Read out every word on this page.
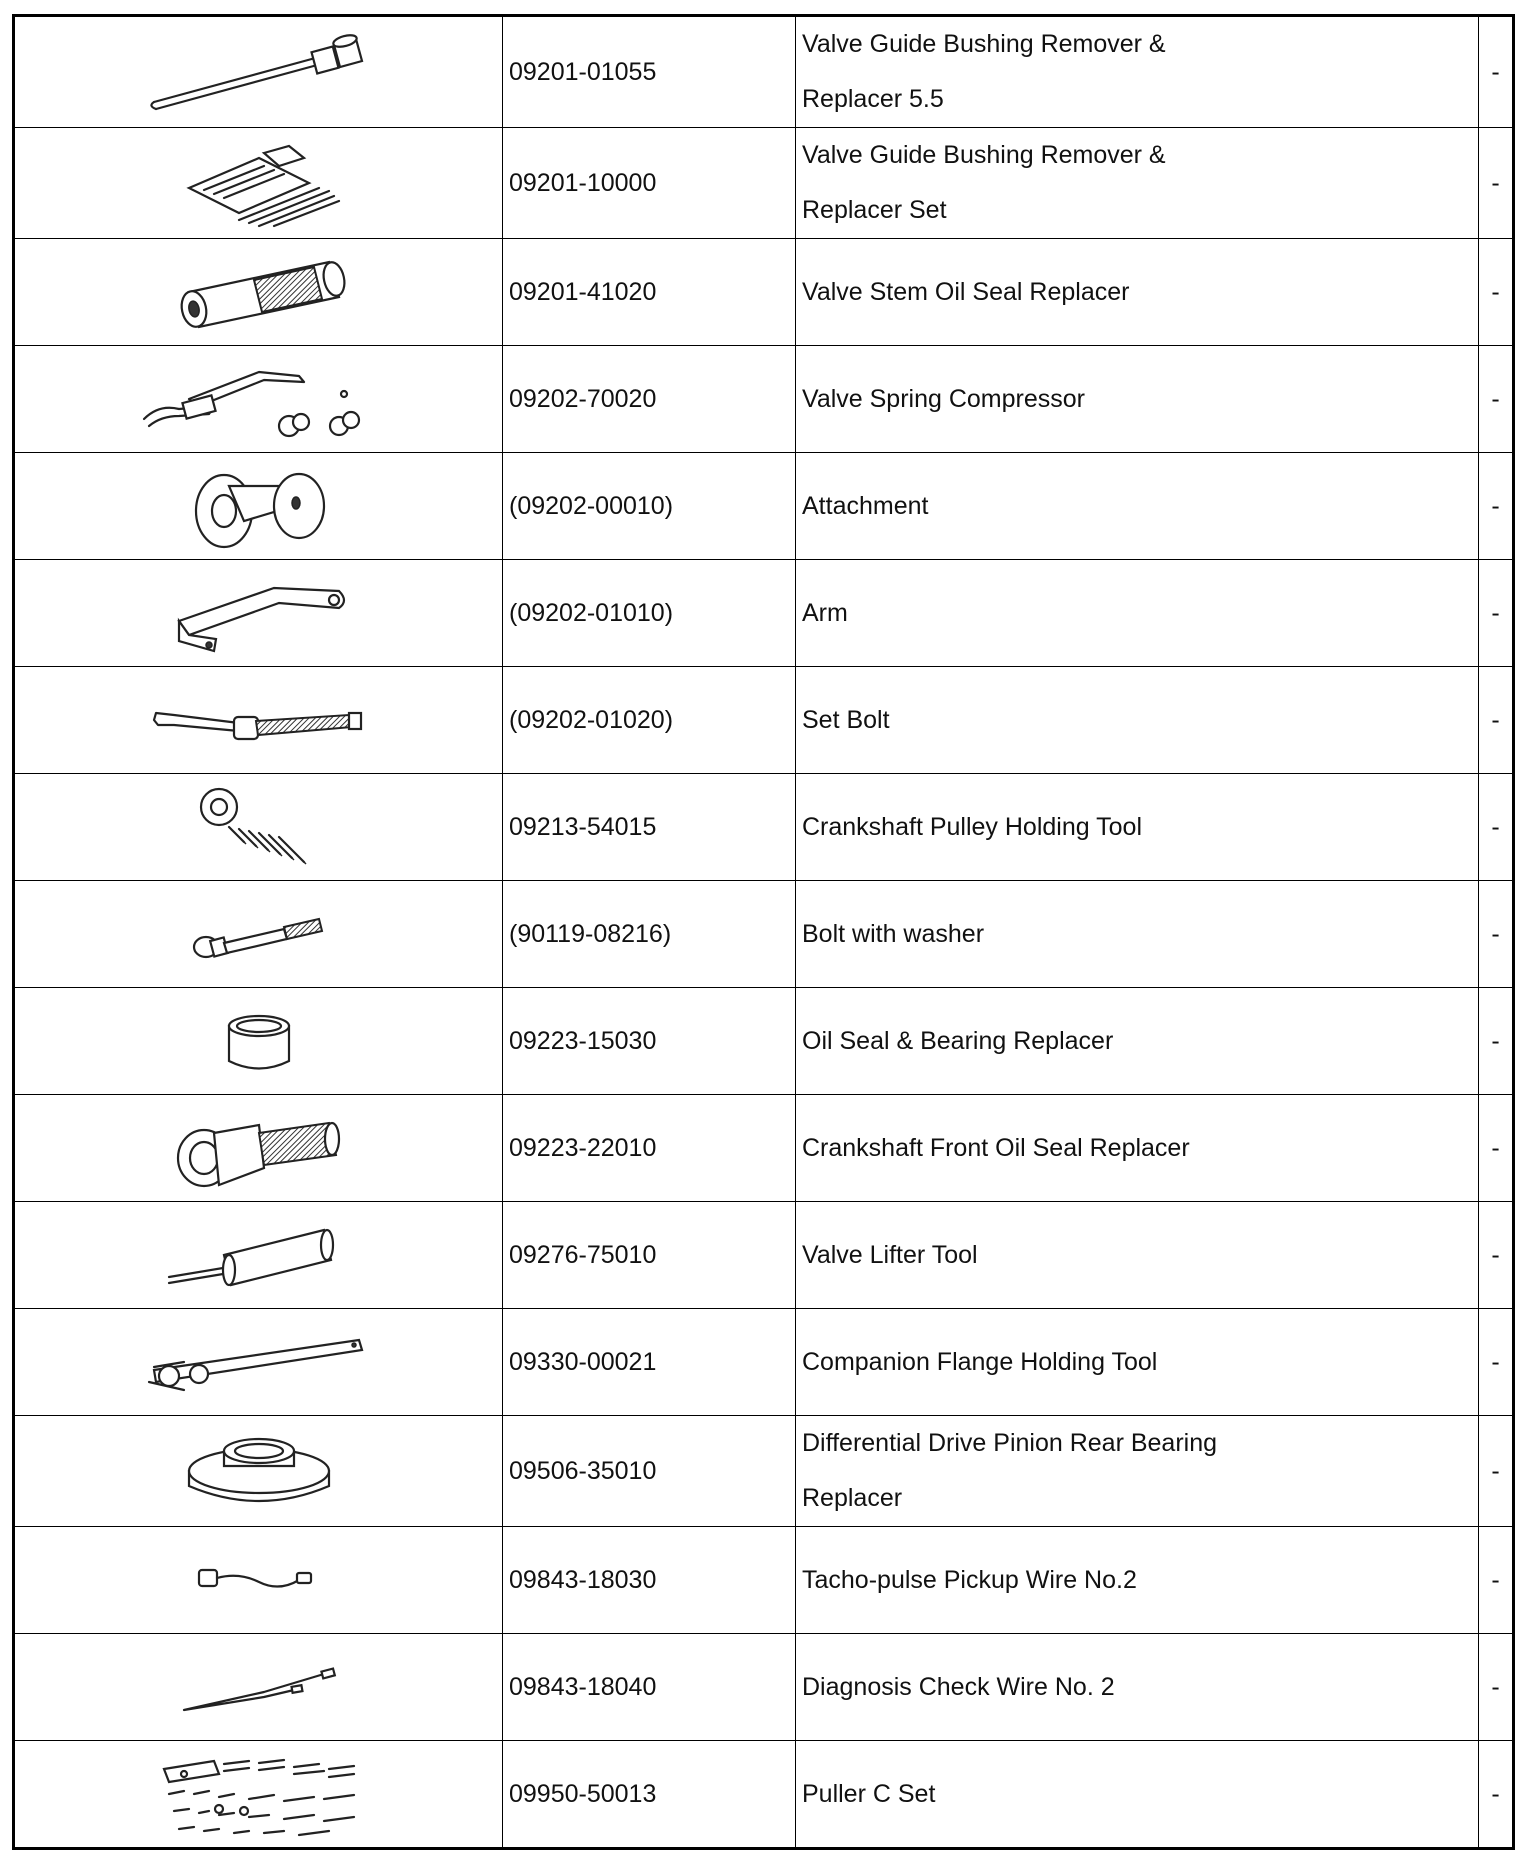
	09201-01055	Valve Guide Bushing Remover & Replacer 5.5	-

	09201-10000	Valve Guide Bushing Remover & Replacer Set	-

	09201-41020	Valve Stem Oil Seal Replacer	-

	09202-70020	Valve Spring Compressor	-

	(09202-00010)	Attachment	-

	(09202-01010)	Arm	-

	(09202-01020)	Set Bolt	-

	09213-54015	Crankshaft Pulley Holding Tool	-

	(90119-08216)	Bolt with washer	-

	09223-15030	Oil Seal & Bearing Replacer	-

	09223-22010	Crankshaft Front Oil Seal Replacer	-

	09276-75010	Valve Lifter Tool	-

	09330-00021	Companion Flange Holding Tool	-

	09506-35010	Differential Drive Pinion Rear Bearing Replacer	-

	09843-18030	Tacho-pulse Pickup Wire No.2	-

	09843-18040	Diagnosis Check Wire No. 2	-

	09950-50013	Puller C Set	-
